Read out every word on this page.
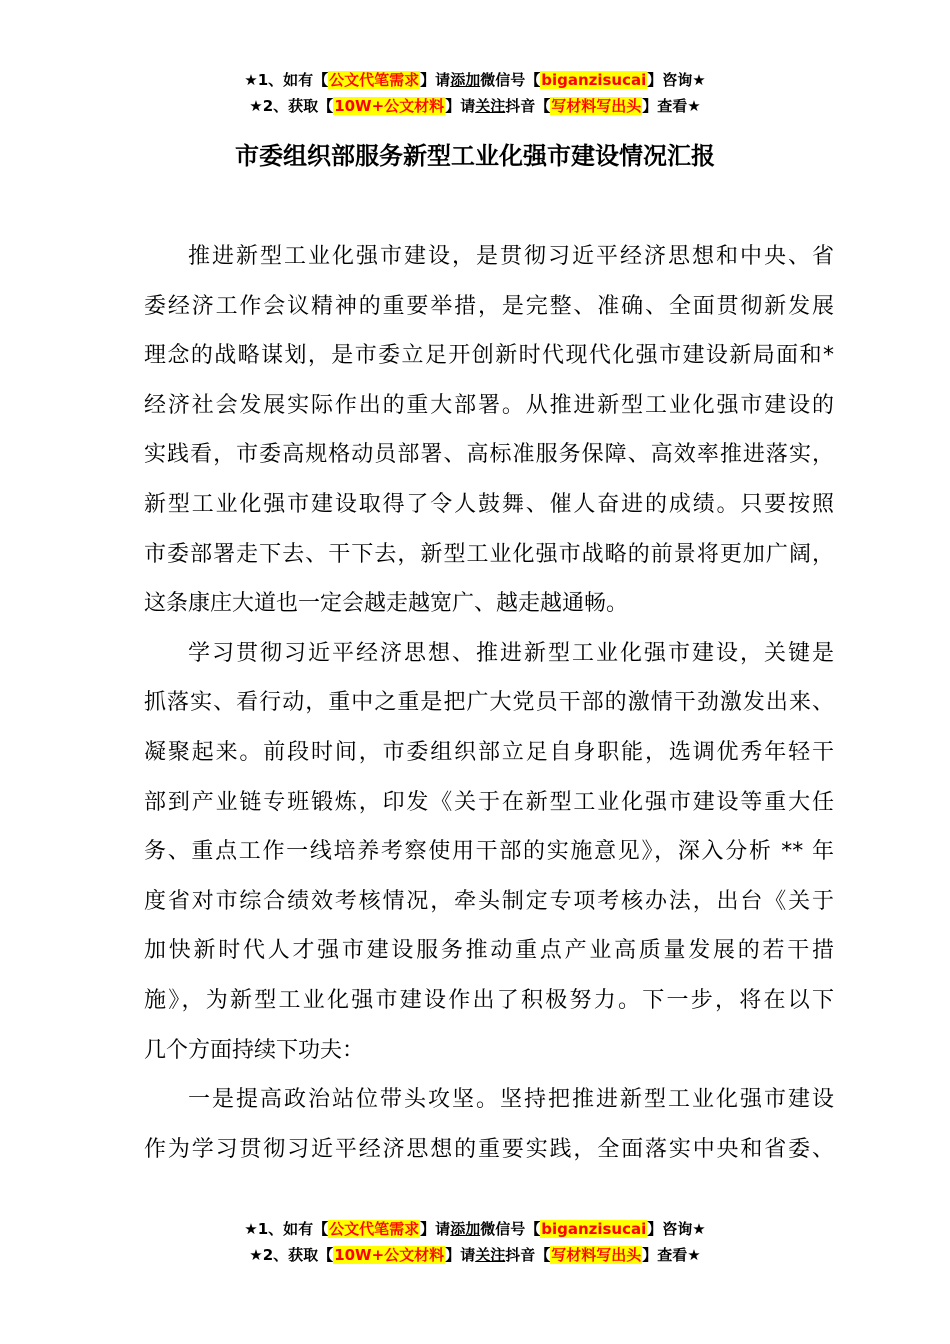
★1、如有【公文代笔需求】请添加微信号【biganzisucai】咨询★
★2、获取【10W+公文材料】请关注抖音【写材料写出头】查看★
市委组织部服务新型工业化强市建设情况汇报
推进新型工业化强市建设，是贯彻习近平经济思想和中央、省
委经济工作会议精神的重要举措，是完整、准确、全面贯彻新发展
理念的战略谋划，是市委立足开创新时代现代化强市建设新局面和*
经济社会发展实际作出的重大部署。从推进新型工业化强市建设的
实践看，市委高规格动员部署、高标准服务保障、高效率推进落实，
新型工业化强市建设取得了令人鼓舞、催人奋进的成绩。只要按照
市委部署走下去、干下去，新型工业化强市战略的前景将更加广阔，
这条康庄大道也一定会越走越宽广、越走越通畅。
学习贯彻习近平经济思想、推进新型工业化强市建设，关键是
抓落实、看行动，重中之重是把广大党员干部的激情干劲激发出来、
凝聚起来。前段时间，市委组织部立足自身职能，选调优秀年轻干
部到产业链专班锻炼，印发《关于在新型工业化强市建设等重大任
务、重点工作一线培养考察使用干部的实施意见》，深入分析 ** 年
度省对市综合绩效考核情况，牵头制定专项考核办法，出台《关于
加快新时代人才强市建设服务推动重点产业高质量发展的若干措
施》，为新型工业化强市建设作出了积极努力。下一步，将在以下
几个方面持续下功夫：
一是提高政治站位带头攻坚。坚持把推进新型工业化强市建设
作为学习贯彻习近平经济思想的重要实践，全面落实中央和省委、
★1、如有【公文代笔需求】请添加微信号【biganzisucai】咨询★
★2、获取【10W+公文材料】请关注抖音【写材料写出头】查看★
